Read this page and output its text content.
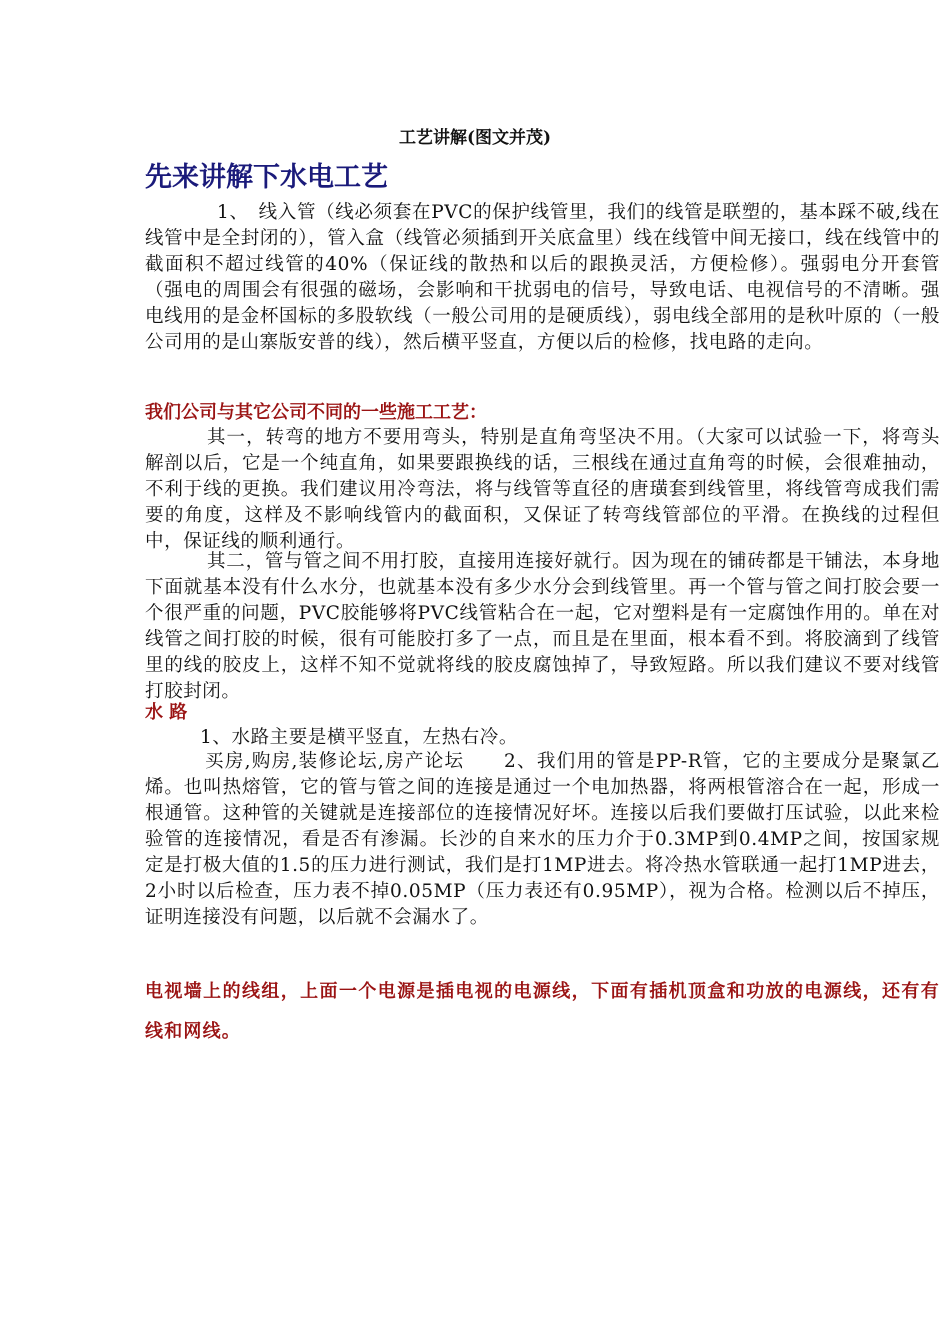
工艺讲解(图文并茂)
先来讲解下水电工艺

1、　线入管（线必须套在PVC的保护线管里，我们的线管是联塑的，基本踩不破,线在线管中是全封闭的），管入盒（线管必须插到开关底盒里）线在线管中间无接口，线在线管中的截面积不超过线管的40%（保证线的散热和以后的跟换灵活，方便检修）。强弱电分开套管（强电的周围会有很强的磁场，会影响和干扰弱电的信号，导致电话、电视信号的不清晰。强电线用的是金杯国标的多股软线（一般公司用的是硬质线），弱电线全部用的是秋叶原的（一般公司用的是山寨版安普的线），然后横平竖直，方便以后的检修，找电路的走向。

我们公司与其它公司不同的一些施工工艺：

其一，转弯的地方不要用弯头，特别是直角弯坚决不用。（大家可以试验一下，将弯头解剖以后，它是一个纯直角，如果要跟换线的话，三根线在通过直角弯的时候，会很难抽动，不利于线的更换。我们建议用冷弯法，将与线管等直径的唐璜套到线管里，将线管弯成我们需要的角度，这样及不影响线管内的截面积，又保证了转弯线管部位的平滑。在换线的过程但中，保证线的顺利通行。

其二，管与管之间不用打胶，直接用连接好就行。因为现在的铺砖都是干铺法，本身地下面就基本没有什么水分，也就基本没有多少水分会到线管里。再一个管与管之间打胶会要一个很严重的问题，PVC胶能够将PVC线管粘合在一起，它对塑料是有一定腐蚀作用的。单在对线管之间打胶的时候，很有可能胶打多了一点，而且是在里面，根本看不到。将胶滴到了线管里的线的胶皮上，这样不知不觉就将线的胶皮腐蚀掉了，导致短路。所以我们建议不要对线管打胶封闭。

水 路

1、水路主要是横平竖直，左热右冷。

买房,购房,装修论坛,房产论坛　　2、我们用的管是PP-R管，它的主要成分是聚氯乙烯。也叫热熔管，它的管与管之间的连接是通过一个电加热器，将两根管溶合在一起，形成一根通管。这种管的关键就是连接部位的连接情况好坏。连接以后我们要做打压试验，以此来检验管的连接情况，看是否有渗漏。长沙的自来水的压力介于0.3MP到0.4MP之间，按国家规定是打极大值的1.5的压力进行测试，我们是打1MP进去。将冷热水管联通一起打1MP进去，2小时以后检查，压力表不掉0.05MP（压力表还有0.95MP），视为合格。检测以后不掉压，证明连接没有问题，以后就不会漏水了。

电视墙上的线组，上面一个电源是插电视的电源线，下面有插机顶盒和功放的电源线，还有有线和网线。
